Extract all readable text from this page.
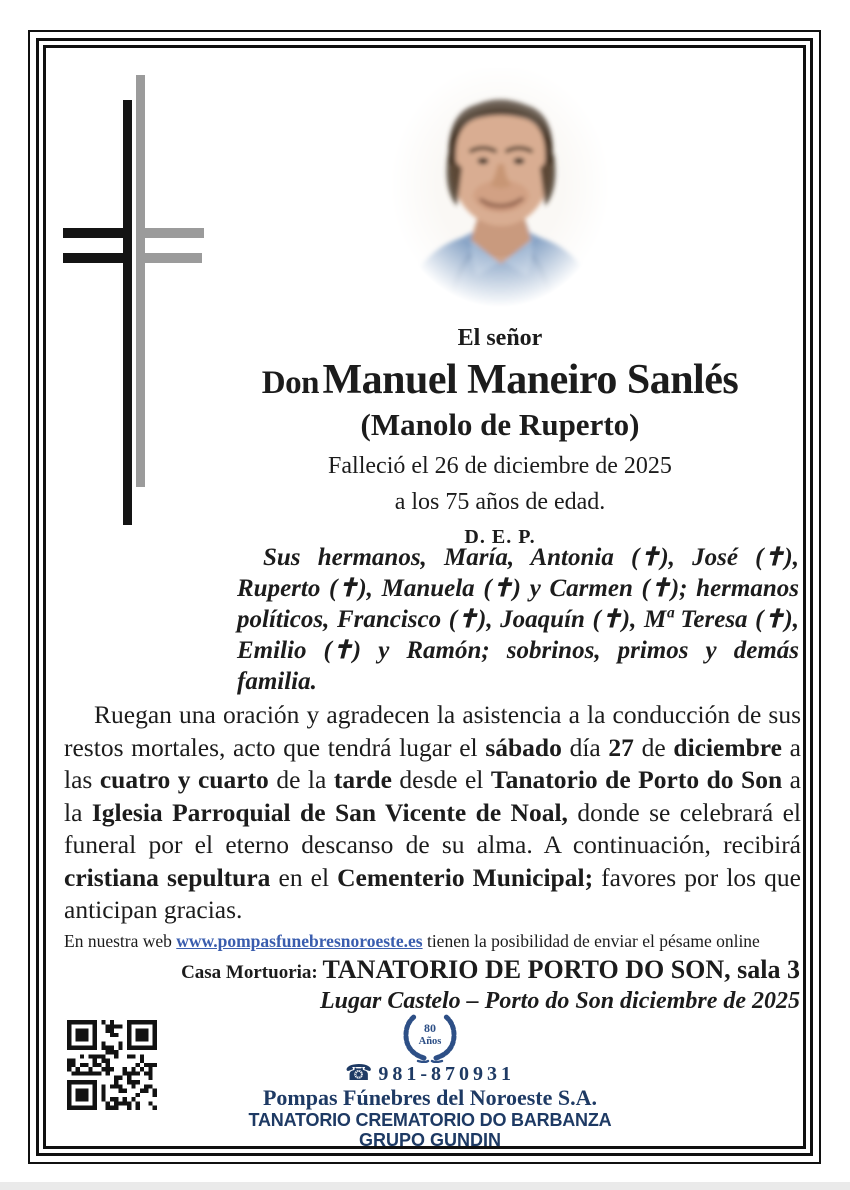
El señor
Don Manuel Maneiro Sanlés
(Manolo de Ruperto)
Falleció el 26 de diciembre de 2025
a los 75 años de edad.
D. E. P.
Sus hermanos, María, Antonia (✝), José (✝), Ruperto (✝), Manuela (✝) y Carmen (✝); hermanos políticos, Francisco (✝), Joaquín (✝), Mª Teresa (✝), Emilio (✝) y Ramón; sobrinos, primos y demás familia.
Ruegan una oración y agradecen la asistencia a la conducción de sus restos mortales, acto que tendrá lugar el sábado día 27 de diciembre a las cuatro y cuarto de la tarde desde el Tanatorio de Porto do Son a la Iglesia Parroquial de San Vicente de Noal, donde se celebrará el funeral por el eterno descanso de su alma. A continuación, recibirá cristiana sepultura en el Cementerio Municipal; favores por los que anticipan gracias.
En nuestra web www.pompasfunebresnoroeste.es tienen la posibilidad de enviar el pésame online
Casa Mortuoria: TANATORIO DE PORTO DO SON, sala 3
Lugar Castelo – Porto do Son diciembre de 2025
80
Años
☎ 981-870931
Pompas Fúnebres del Noroeste S.A.
TANATORIO CREMATORIO DO BARBANZA
GRUPO GUNDIN
